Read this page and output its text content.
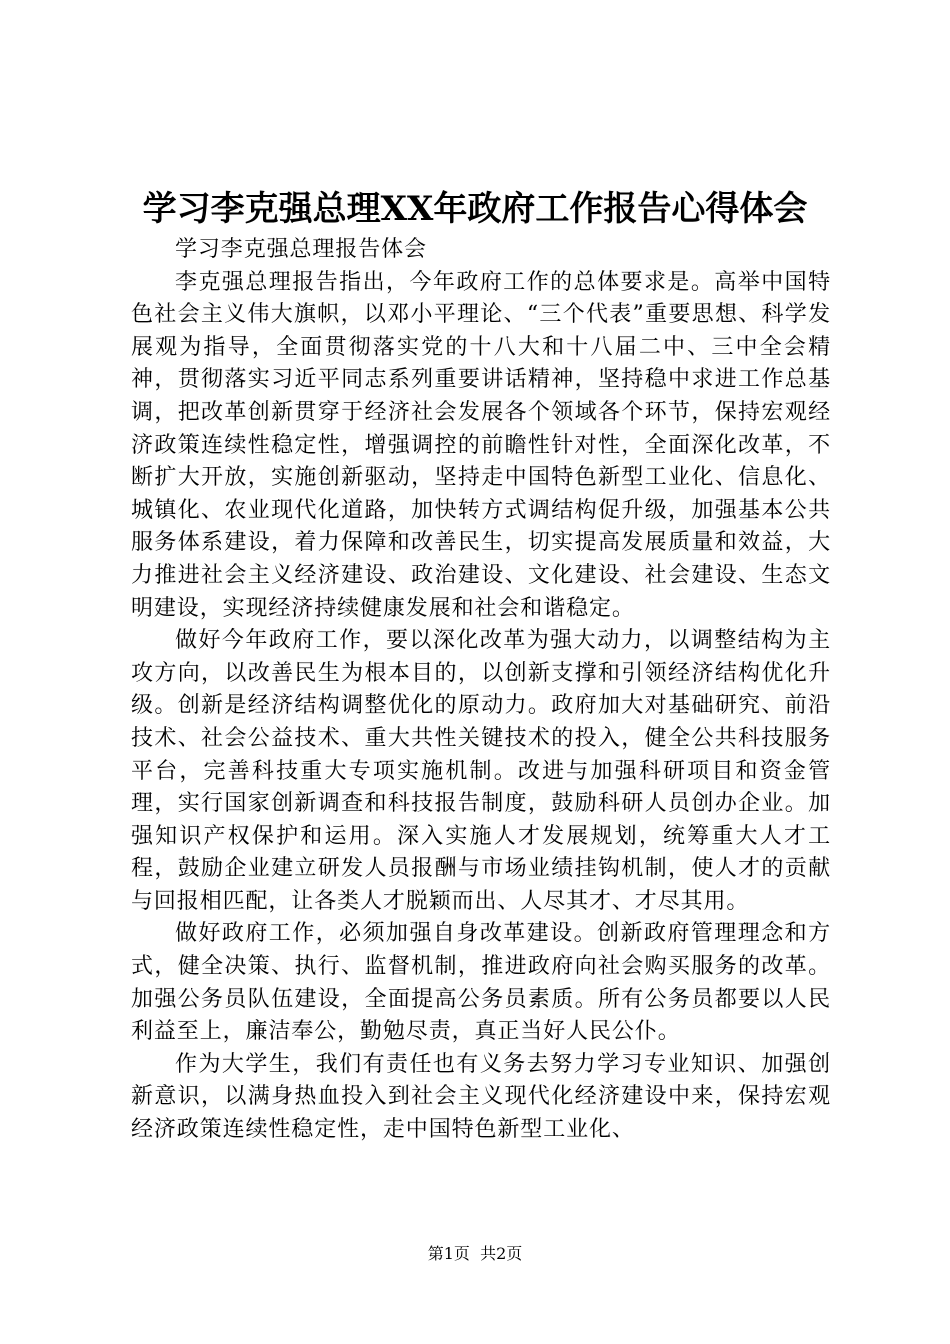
学习李克强总理XX年政府工作报告心得体会

学习李克强总理报告体会

李克强总理报告指出，今年政府工作的总体要求是。高举中国特色社会主义伟大旗帜，以邓小平理论、“三个代表”重要思想、科学发展观为指导，全面贯彻落实党的十八大和十八届二中、三中全会精神，贯彻落实习近平同志系列重要讲话精神，坚持稳中求进工作总基调，把改革创新贯穿于经济社会发展各个领域各个环节，保持宏观经济政策连续性稳定性，增强调控的前瞻性针对性，全面深化改革，不断扩大开放，实施创新驱动，坚持走中国特色新型工业化、信息化、城镇化、农业现代化道路，加快转方式调结构促升级，加强基本公共服务体系建设，着力保障和改善民生，切实提高发展质量和效益，大力推进社会主义经济建设、政治建设、文化建设、社会建设、生态文明建设，实现经济持续健康发展和社会和谐稳定。

做好今年政府工作，要以深化改革为强大动力，以调整结构为主攻方向，以改善民生为根本目的，以创新支撑和引领经济结构优化升级。创新是经济结构调整优化的原动力。政府加大对基础研究、前沿技术、社会公益技术、重大共性关键技术的投入，健全公共科技服务平台，完善科技重大专项实施机制。改进与加强科研项目和资金管理，实行国家创新调查和科技报告制度，鼓励科研人员创办企业。加强知识产权保护和运用。深入实施人才发展规划，统筹重大人才工程，鼓励企业建立研发人员报酬与市场业绩挂钩机制，使人才的贡献与回报相匹配，让各类人才脱颖而出、人尽其才、才尽其用。

做好政府工作，必须加强自身改革建设。创新政府管理理念和方式，健全决策、执行、监督机制，推进政府向社会购买服务的改革。加强公务员队伍建设，全面提高公务员素质。所有公务员都要以人民利益至上，廉洁奉公，勤勉尽责，真正当好人民公仆。

作为大学生，我们有责任也有义务去努力学习专业知识、加强创新意识，以满身热血投入到社会主义现代化经济建设中来，保持宏观经济政策连续性稳定性，走中国特色新型工业化、

第1页  共2页
